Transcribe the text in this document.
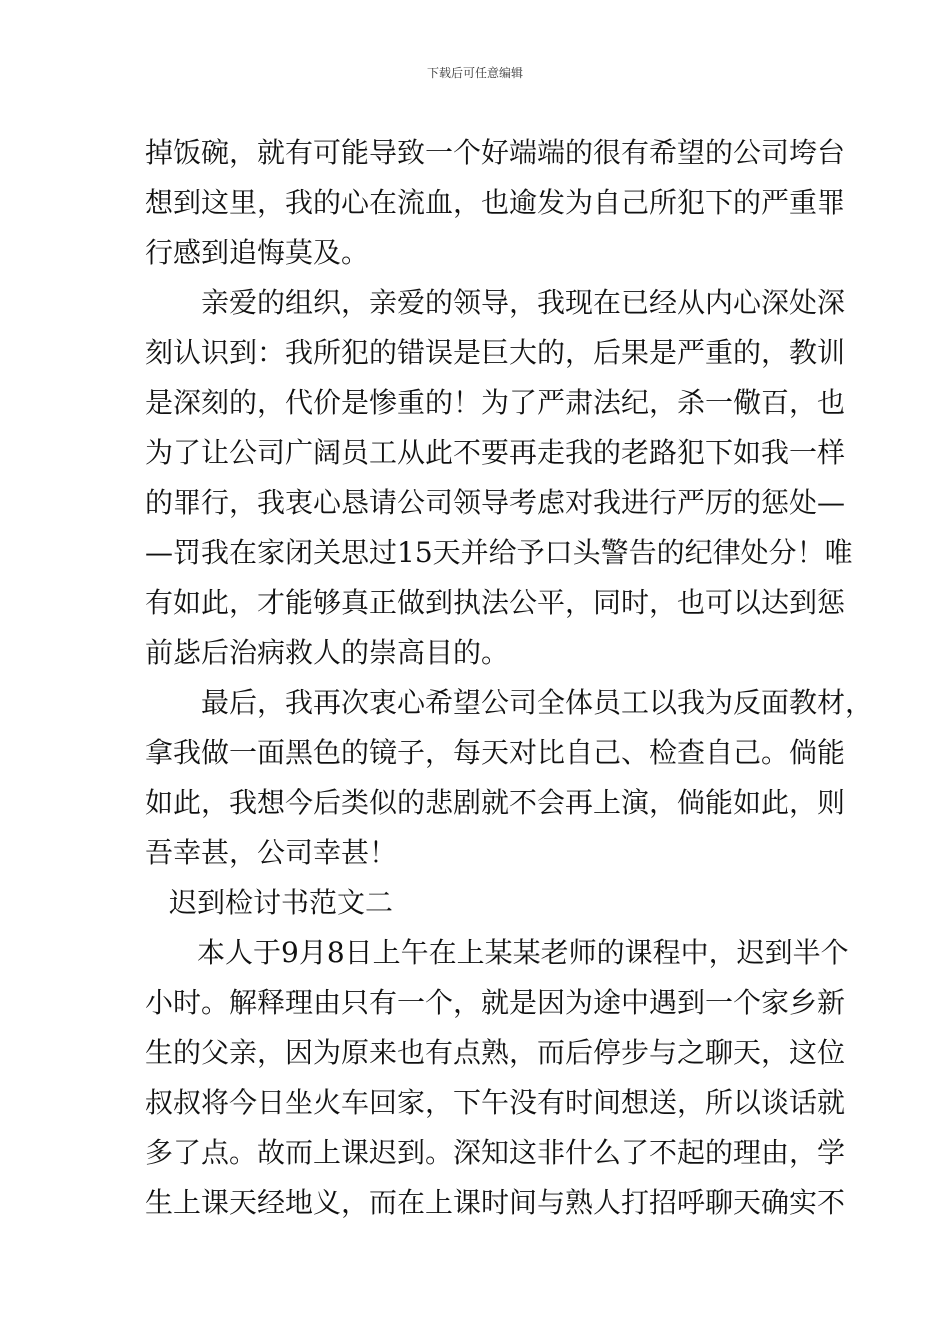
下载后可任意编辑
掉饭碗，就有可能导致一个好端端的很有希望的公司垮台
想到这里，我的心在流血，也逾发为自己所犯下的严重罪
行感到追悔莫及。
亲爱的组织，亲爱的领导，我现在已经从内心深处深
刻认识到：我所犯的错误是巨大的，后果是严重的，教训
是深刻的，代价是惨重的！为了严肃法纪，杀一儆百，也
为了让公司广阔员工从此不要再走我的老路犯下如我一样
的罪行，我衷心恳请公司领导考虑对我进行严厉的惩处—
—罚我在家闭关思过15天并给予口头警告的纪律处分！唯
有如此，才能够真正做到执法公平，同时，也可以达到惩
前毖后治病救人的崇高目的。
最后，我再次衷心希望公司全体员工以我为反面教材，
拿我做一面黑色的镜子，每天对比自己、检查自己。倘能
如此，我想今后类似的悲剧就不会再上演，倘能如此，则
吾幸甚，公司幸甚！
迟到检讨书范文二
本人于9月8日上午在上某某老师的课程中，迟到半个
小时。解释理由只有一个，就是因为途中遇到一个家乡新
生的父亲，因为原来也有点熟，而后停步与之聊天，这位
叔叔将今日坐火车回家，下午没有时间想送，所以谈话就
多了点。故而上课迟到。深知这非什么了不起的理由，学
生上课天经地义，而在上课时间与熟人打招呼聊天确实不
